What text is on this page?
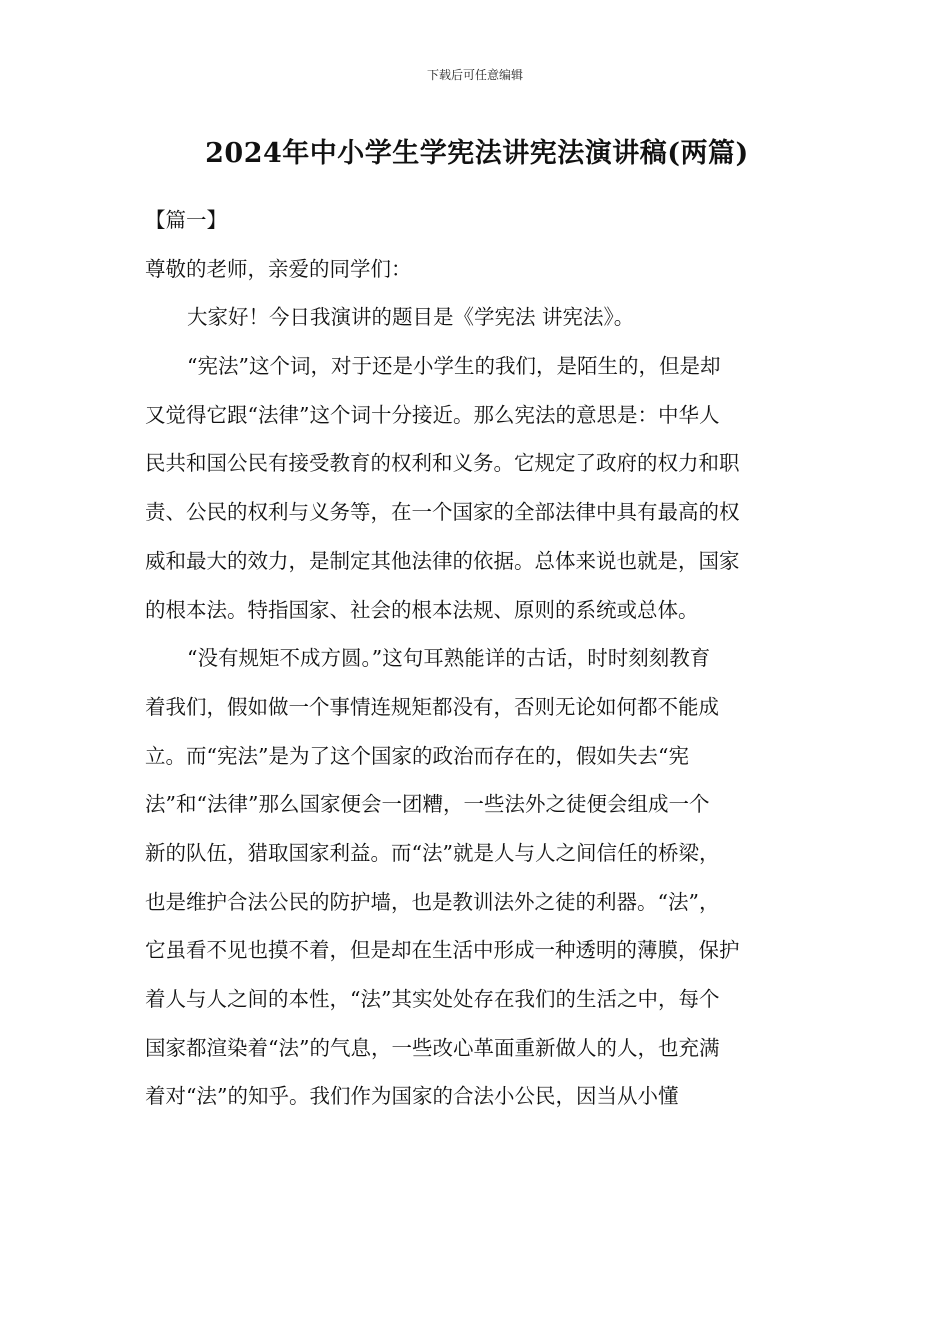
下载后可任意编辑
2024年中小学生学宪法讲宪法演讲稿(两篇)
【篇一】
尊敬的老师，亲爱的同学们：
大家好！今日我演讲的题目是《学宪法 讲宪法》。
“宪法”这个词，对于还是小学生的我们，是陌生的，但是却
又觉得它跟“法律”这个词十分接近。那么宪法的意思是：中华人
民共和国公民有接受教育的权利和义务。它规定了政府的权力和职
责、公民的权利与义务等，在一个国家的全部法律中具有最高的权
威和最大的效力，是制定其他法律的依据。总体来说也就是，国家
的根本法。特指国家、社会的根本法规、原则的系统或总体。
“没有规矩不成方圆。”这句耳熟能详的古话，时时刻刻教育
着我们，假如做一个事情连规矩都没有，否则无论如何都不能成
立。而“宪法”是为了这个国家的政治而存在的，假如失去“宪
法”和“法律”那么国家便会一团糟，一些法外之徒便会组成一个
新的队伍，猎取国家利益。而“法”就是人与人之间信任的桥梁，
也是维护合法公民的防护墙，也是教训法外之徒的利器。“法”，
它虽看不见也摸不着，但是却在生活中形成一种透明的薄膜，保护
着人与人之间的本性，“法”其实处处存在我们的生活之中，每个
国家都渲染着“法”的气息，一些改心革面重新做人的人，也充满
着对“法”的知乎。我们作为国家的合法小公民，因当从小懂
